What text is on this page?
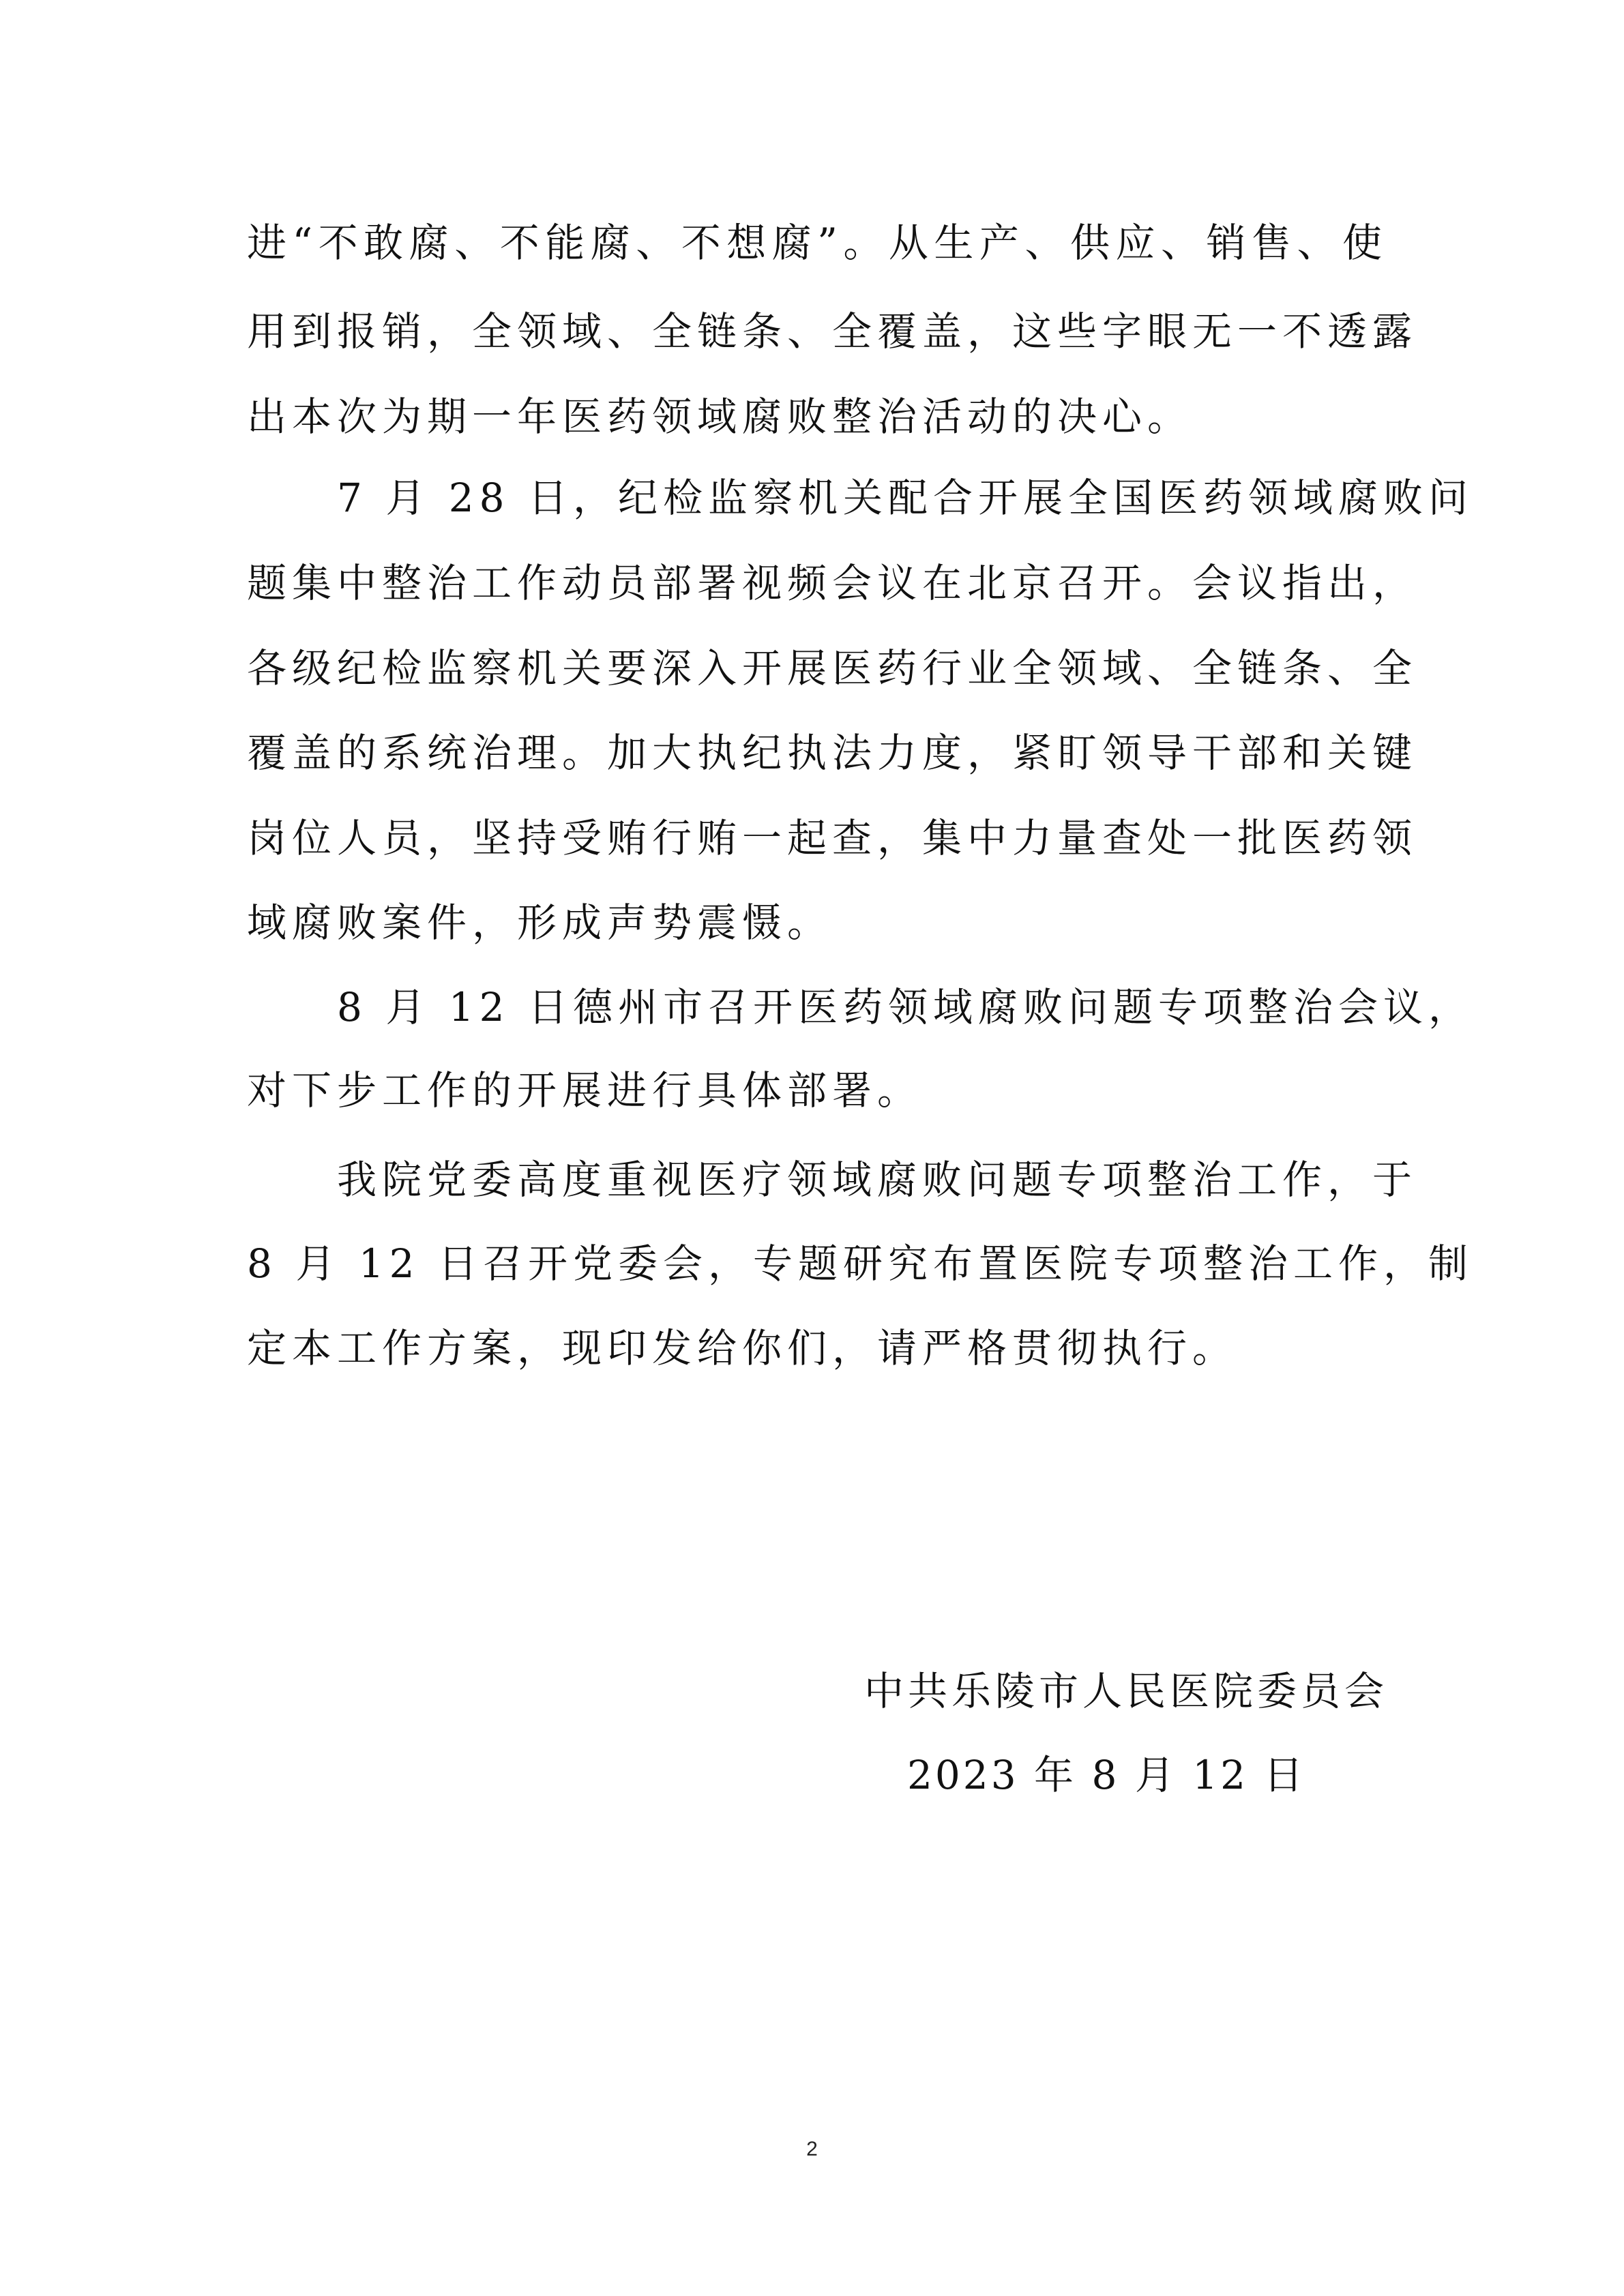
进“不敢腐、不能腐、不想腐”。从生产、供应、销售、使
用到报销，全领域、全链条、全覆盖，这些字眼无一不透露
出本次为期一年医药领域腐败整治活动的决心。
　　7 月 28 日，纪检监察机关配合开展全国医药领域腐败问
题集中整治工作动员部署视频会议在北京召开。会议指出，
各级纪检监察机关要深入开展医药行业全领域、全链条、全
覆盖的系统治理。加大执纪执法力度，紧盯领导干部和关键
岗位人员，坚持受贿行贿一起查，集中力量查处一批医药领
域腐败案件，形成声势震慑。
　　8 月 12 日德州市召开医药领域腐败问题专项整治会议，
对下步工作的开展进行具体部署。
　　我院党委高度重视医疗领域腐败问题专项整治工作，于
8 月 12 日召开党委会，专题研究布置医院专项整治工作，制
定本工作方案，现印发给你们，请严格贯彻执行。
中共乐陵市人民医院委员会
2023 年 8 月 12 日
2
